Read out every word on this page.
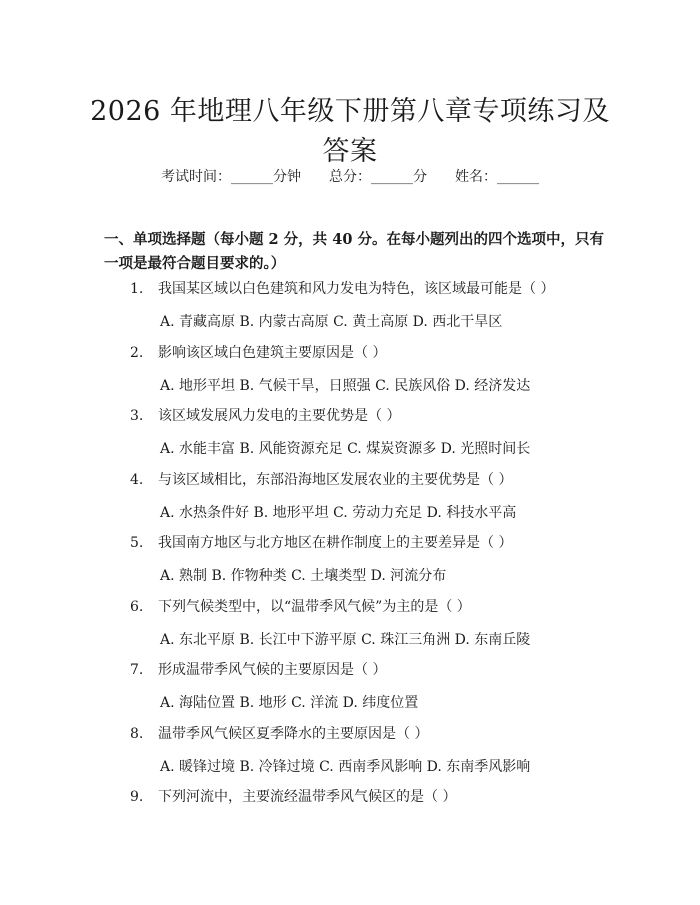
2026 年地理八年级下册第八章专项练习及答案
考试时间：______分钟 总分：______分 姓名：______
一、单项选择题（每小题 2 分，共 40 分。在每小题列出的四个选项中，只有一项是最符合题目要求的。）
1. 我国某区域以白色建筑和风力发电为特色，该区域最可能是（ ）
A. 青藏高原 B. 内蒙古高原 C. 黄土高原 D. 西北干旱区
2. 影响该区域白色建筑主要原因是（ ）
A. 地形平坦 B. 气候干旱，日照强 C. 民族风俗 D. 经济发达
3. 该区域发展风力发电的主要优势是（ ）
A. 水能丰富 B. 风能资源充足 C. 煤炭资源多 D. 光照时间长
4. 与该区域相比，东部沿海地区发展农业的主要优势是（ ）
A. 水热条件好 B. 地形平坦 C. 劳动力充足 D. 科技水平高
5. 我国南方地区与北方地区在耕作制度上的主要差异是（ ）
A. 熟制 B. 作物种类 C. 土壤类型 D. 河流分布
6. 下列气候类型中，以“温带季风气候”为主的是（ ）
A. 东北平原 B. 长江中下游平原 C. 珠江三角洲 D. 东南丘陵
7. 形成温带季风气候的主要原因是（ ）
A. 海陆位置 B. 地形 C. 洋流 D. 纬度位置
8. 温带季风气候区夏季降水的主要原因是（ ）
A. 暖锋过境 B. 冷锋过境 C. 西南季风影响 D. 东南季风影响
9. 下列河流中，主要流经温带季风气候区的是（ ）
